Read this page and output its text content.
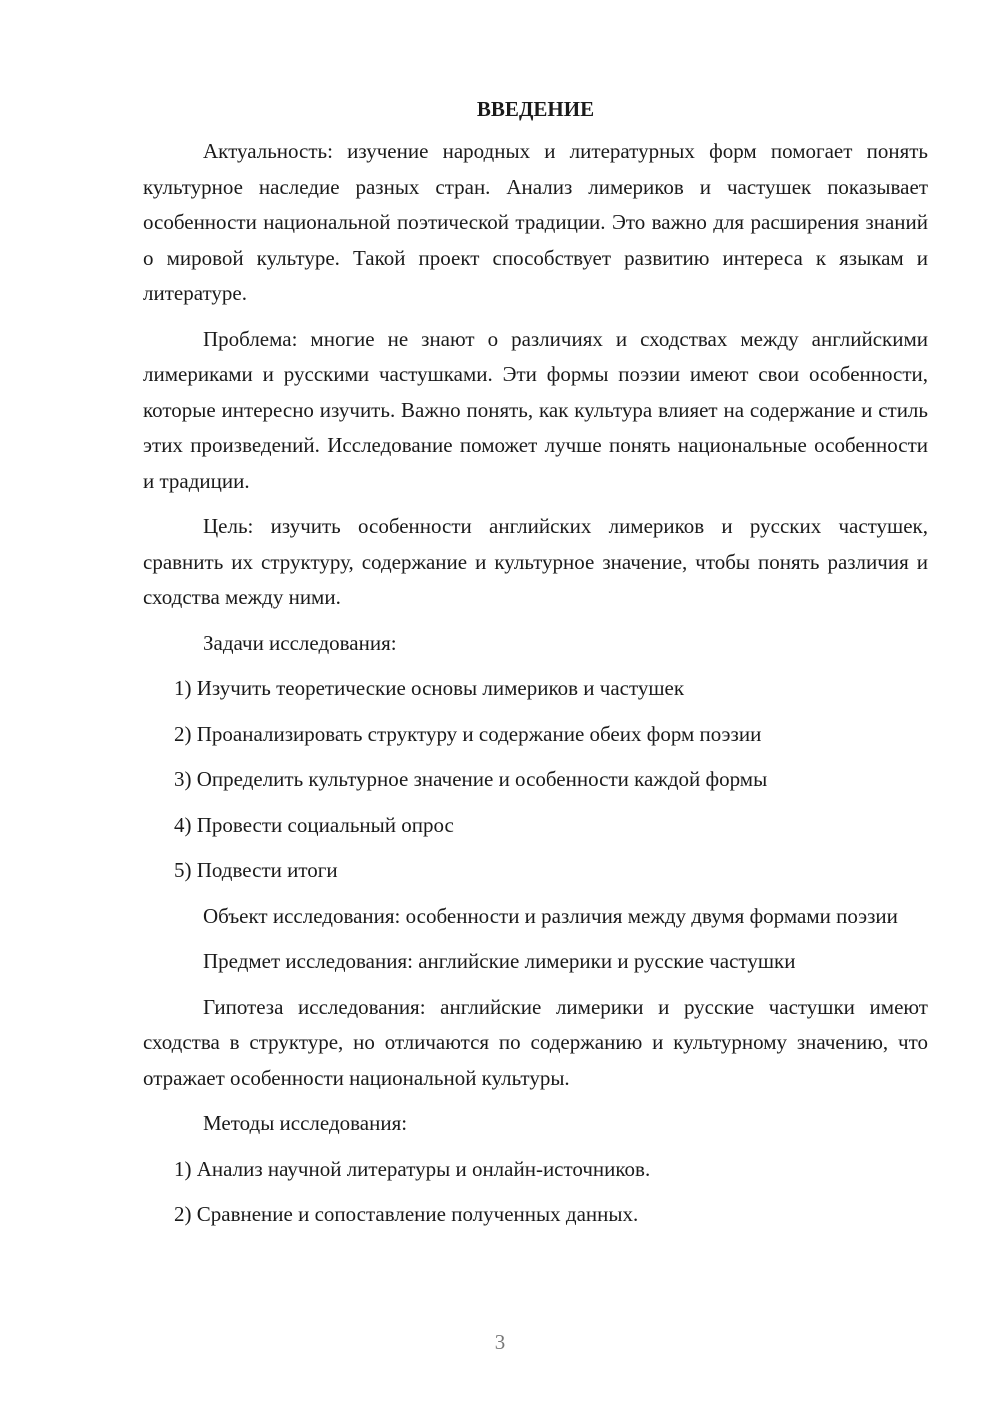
ВВЕДЕНИЕ

Актуальность: изучение народных и литературных форм помогает понять культурное наследие разных стран. Анализ лимериков и частушек показывает особенности национальной поэтической традиции. Это важно для расширения знаний о мировой культуре. Такой проект способствует развитию интереса к языкам и литературе.

Проблема: многие не знают о различиях и сходствах между английскими лимериками и русскими частушками. Эти формы поэзии имеют свои особенности, которые интересно изучить. Важно понять, как культура влияет на содержание и стиль этих произведений. Исследование поможет лучше понять национальные особенности и традиции.

Цель: изучить особенности английских лимериков и русских частушек, сравнить их структуру, содержание и культурное значение, чтобы понять различия и сходства между ними.

Задачи исследования:

1) Изучить теоретические основы лимериков и частушек
2) Проанализировать структуру и содержание обеих форм поэзии
3) Определить культурное значение и особенности каждой формы
4) Провести социальный опрос
5) Подвести итоги

Объект исследования: особенности и различия между двумя формами поэзии

Предмет исследования: английские лимерики и русские частушки

Гипотеза исследования: английские лимерики и русские частушки имеют сходства в структуре, но отличаются по содержанию и культурному значению, что отражает особенности национальной культуры.

Методы исследования:

1) Анализ научной литературы и онлайн-источников.
2) Сравнение и сопоставление полученных данных.
3
